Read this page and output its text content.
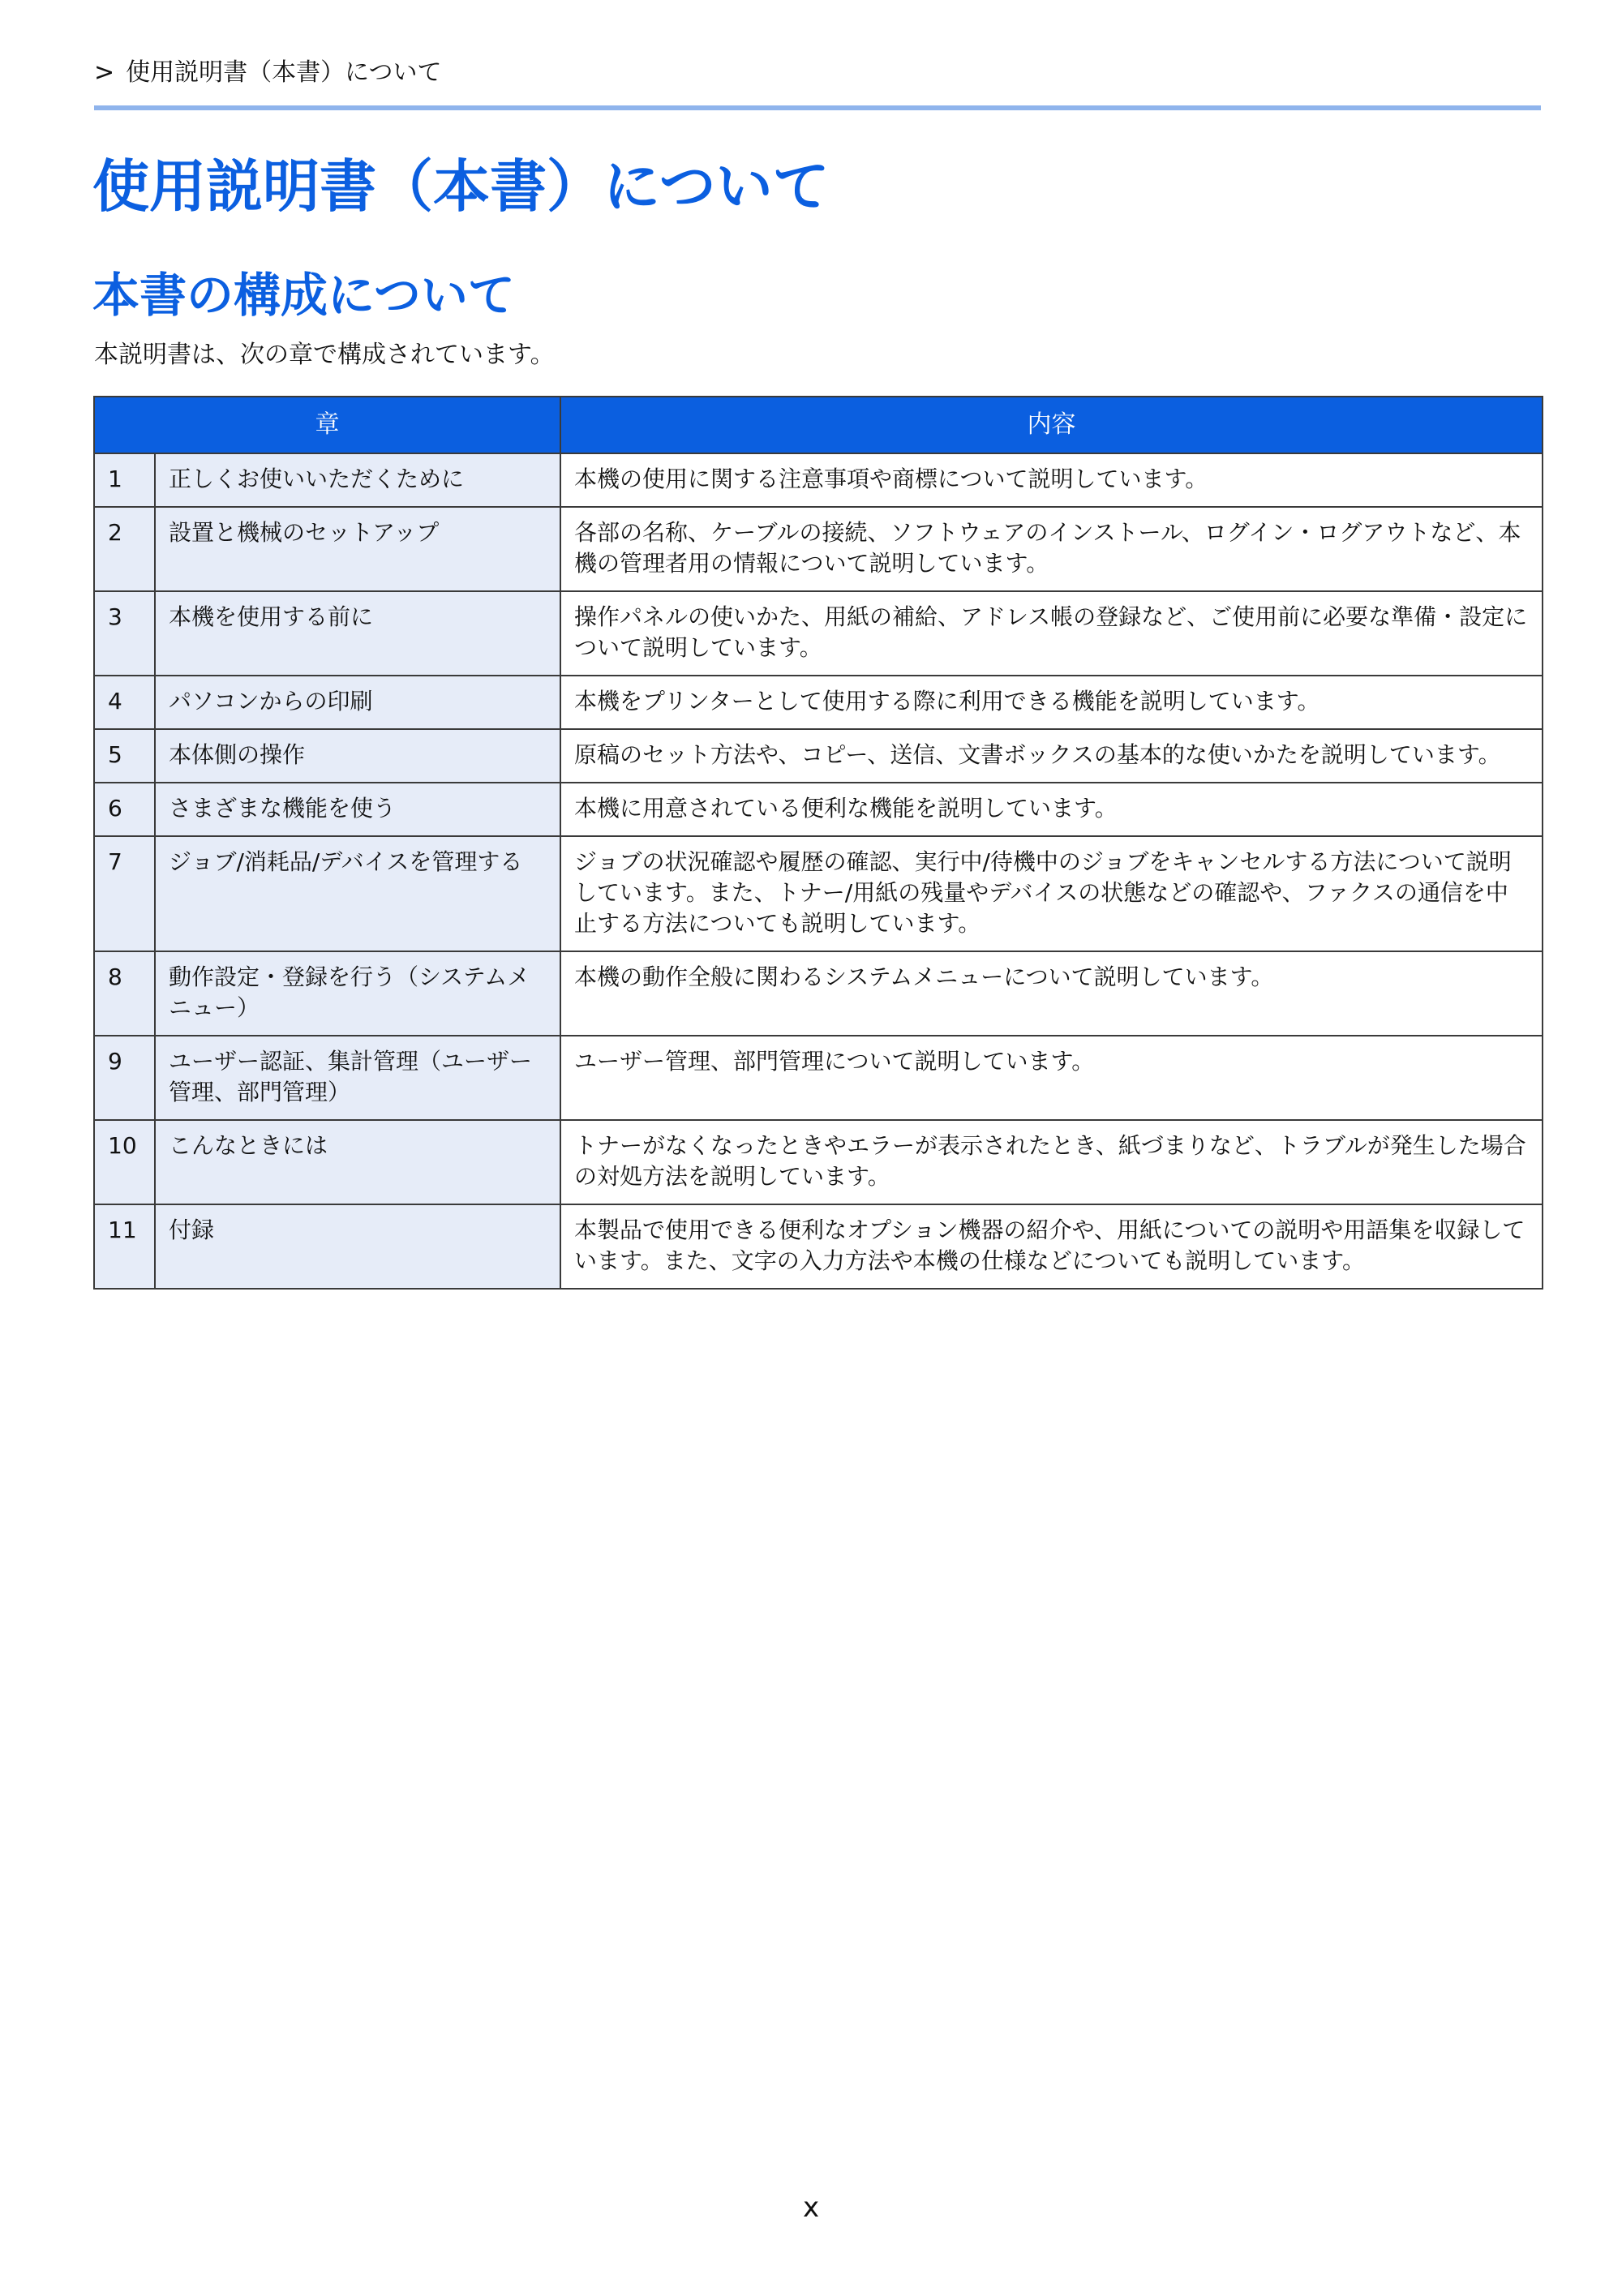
> 使用説明書（本書）について
使用説明書（本書）について
本書の構成について

本説明書は、次の章で構成されています。

章		内容
1	正しくお使いいただくために	本機の使用に関する注意事項や商標について説明しています。
2	設置と機械のセットアップ	各部の名称、ケーブルの接続、ソフトウェアのインストール、ログイン・ログアウトなど、本機の管理者用の情報について説明しています。
3	本機を使用する前に	操作パネルの使いかた、用紙の補給、アドレス帳の登録など、ご使用前に必要な準備・設定について説明しています。
4	パソコンからの印刷	本機をプリンターとして使用する際に利用できる機能を説明しています。
5	本体側の操作	原稿のセット方法や、コピー、送信、文書ボックスの基本的な使いかたを説明しています。
6	さまざまな機能を使う	本機に用意されている便利な機能を説明しています。
7	ジョブ/消耗品/デバイスを管理する	ジョブの状況確認や履歴の確認、実行中/待機中のジョブをキャンセルする方法について説明しています。また、トナー/用紙の残量やデバイスの状態などの確認や、ファクスの通信を中止する方法についても説明しています。
8	動作設定・登録を行う（システムメニュー）	本機の動作全般に関わるシステムメニューについて説明しています。
9	ユーザー認証、集計管理（ユーザー管理、部門管理）	ユーザー管理、部門管理について説明しています。
10	こんなときには	トナーがなくなったときやエラーが表示されたとき、紙づまりなど、トラブルが発生した場合の対処方法を説明しています。
11	付録	本製品で使用できる便利なオプション機器の紹介や、用紙についての説明や用語集を収録しています。また、文字の入力方法や本機の仕様などについても説明しています。
x
